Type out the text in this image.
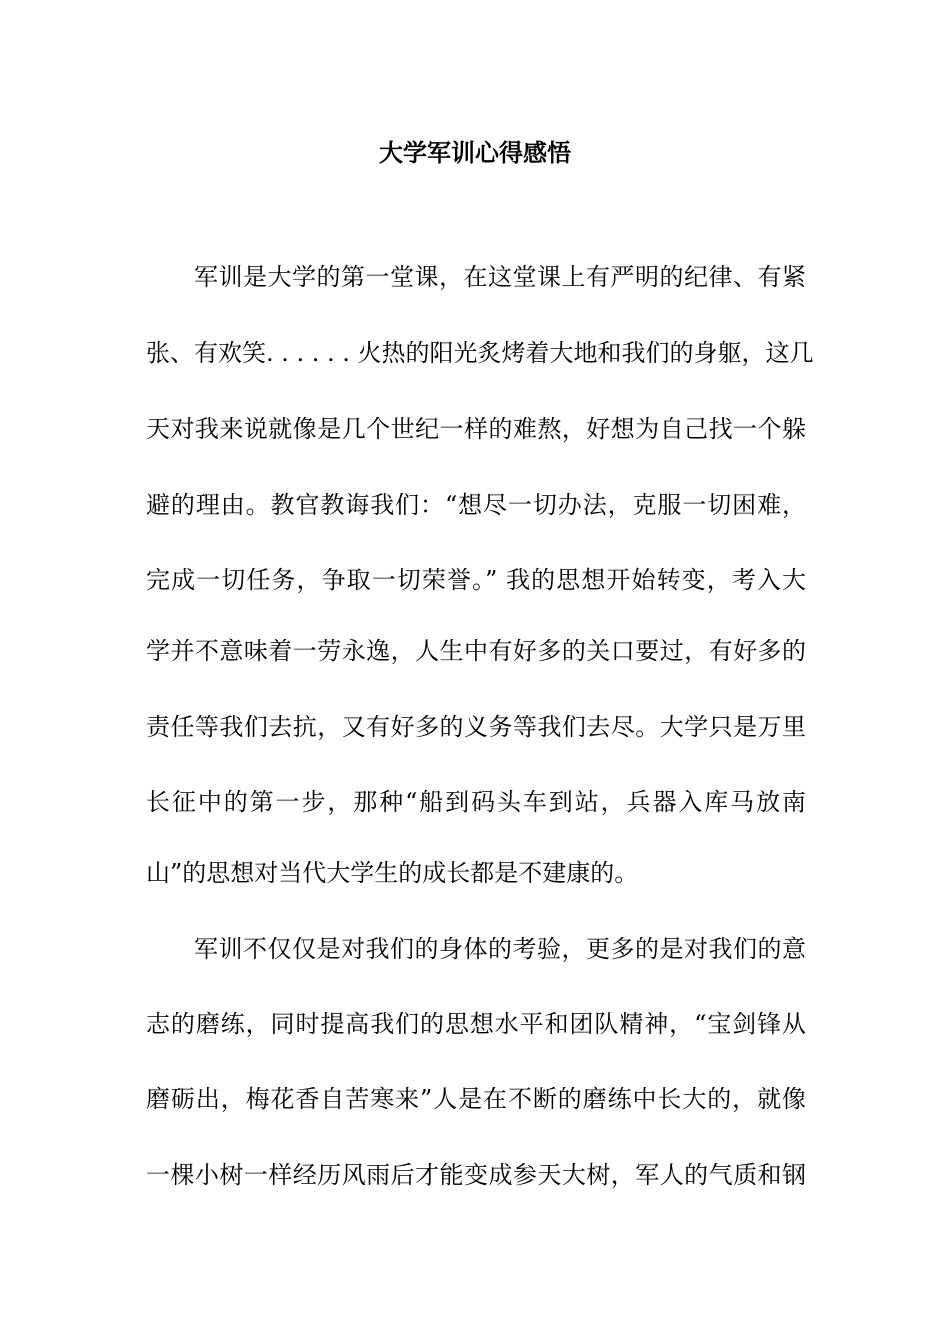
大学军训心得感悟
军训是大学的第一堂课，在这堂课上有严明的纪律、有紧
张、有欢笑. . . . . . 火热的阳光炙烤着大地和我们的身躯，这几
天对我来说就像是几个世纪一样的难熬，好想为自己找一个躲
避的理由。教官教诲我们：“想尽一切办法，克服一切困难，
完成一切任务，争取一切荣誉。” 我的思想开始转变，考入大
学并不意味着一劳永逸，人生中有好多的关口要过，有好多的
责任等我们去抗，又有好多的义务等我们去尽。大学只是万里
长征中的第一步，那种“船到码头车到站，兵器入库马放南
山”的思想对当代大学生的成长都是不建康的。
军训不仅仅是对我们的身体的考验，更多的是对我们的意
志的磨练，同时提高我们的思想水平和团队精神，“宝剑锋从
磨砺出，梅花香自苦寒来”人是在不断的磨练中长大的，就像
一棵小树一样经历风雨后才能变成参天大树，军人的气质和钢
